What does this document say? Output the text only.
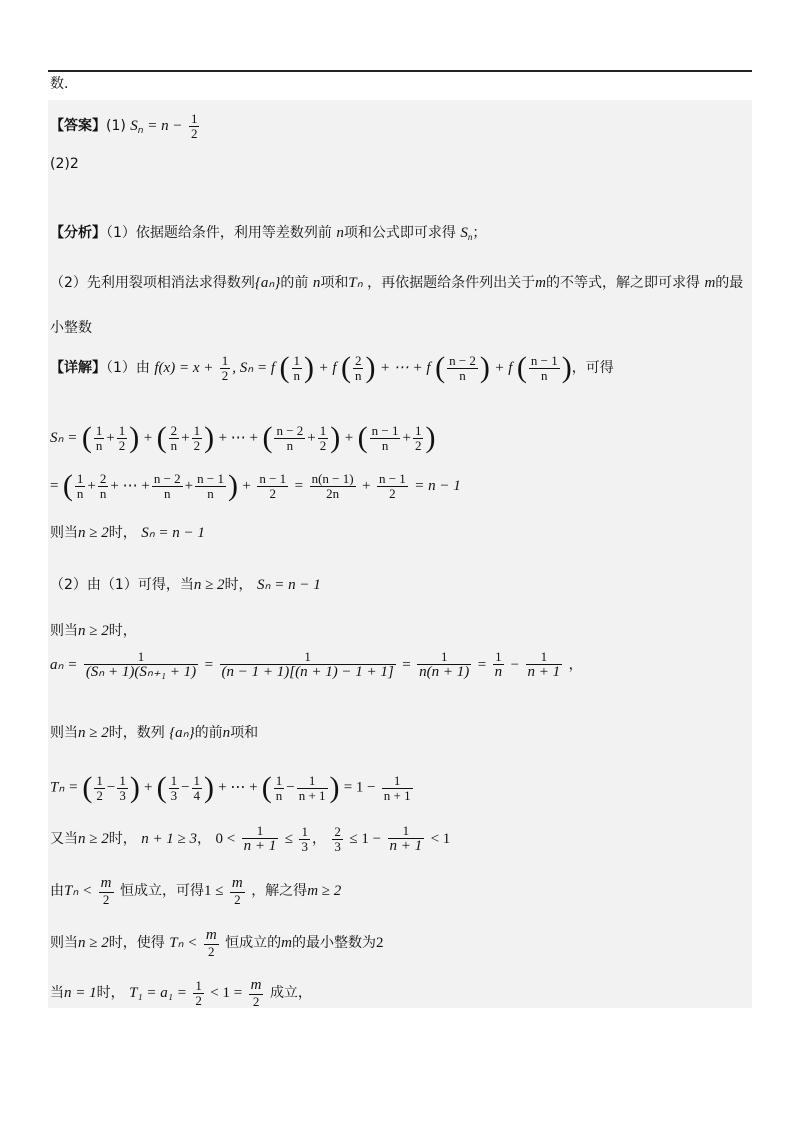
数.
【答案】(1) $S_n = n - \frac{1}{2}$
(2)2
【分析】（1）依据题给条件，利用等差数列前 n项和公式即可求得 $S_n$；
（2）先利用裂项相消法求得数列{aₙ}的前 n项和Tₙ ，再依据题给条件列出关于m的不等式，解之即可求得 m的最
小整数
【详解】（1）由 $f(x) = x + \frac{1}{2}$ , Sₙ = f ( $\frac{1}{n}$ ) + f ( $\frac{2}{n}$ ) + ⋯ + f ( $\frac{n - 2}{n}$ ) + f ( $\frac{n - 1}{n}$ )，可得
Sₙ = ( $\frac{1}{n} + \frac{1}{2}$ ) + ( $\frac{2}{n} + \frac{1}{2}$ ) + ⋯ + ( $\frac{n - 2}{n} + \frac{1}{2}$ ) + ( $\frac{n - 1}{n} + \frac{1}{2}$ )
= ( $\frac{1}{n} + \frac{2}{n}$ + ⋯ + $\frac{n - 2}{n} + \frac{n - 1}{n}$ ) + $\frac{n - 1}{2} = \frac{n(n - 1)}{2n} + \frac{n - 1}{2} = n - 1$
则当n ≥ 2时， Sₙ = n − 1
（2）由（1）可得，当n ≥ 2时， Sₙ = n − 1
则当n ≥ 2时，
$a_n = \frac{1}{\text{(Sₙ + 1)(Sₙ₊₁ + 1)}} = \frac{1}{(n - 1 + 1)[(n + 1) - 1 + 1]} = \frac{1}{n(n + 1)} = \frac{1}{n} - \frac{1}{n + 1}$ ，
则当n ≥ 2时，数列 {aₙ}的前n项和
Tₙ = ( $\frac{1}{2} - \frac{1}{3}$ ) + ( $\frac{1}{3} - \frac{1}{4}$ ) + ⋯ + ( $\frac{1}{n} - \frac{1}{n + 1}$ ) = $1 - \frac{1}{n + 1}$
又当n ≥ 2时， n + 1 ≥ 3， $0 < \frac{1}{n + 1} \le \frac{1}{3}$ ， $\frac{2}{3} \le 1 - \frac{1}{n + 1} < 1$
由$T_n < \frac{m}{2}$ 恒成立，可得$1 \le \frac{m}{2}$ ，解之得m ≥ 2
则当n ≥ 2时，使得 $T_n < \frac{m}{2}$ 恒成立的m的最小整数为2
当n = 1时， $T_1 = a_1 = \frac{1}{2} < 1 = \frac{m}{2}$ 成立，
